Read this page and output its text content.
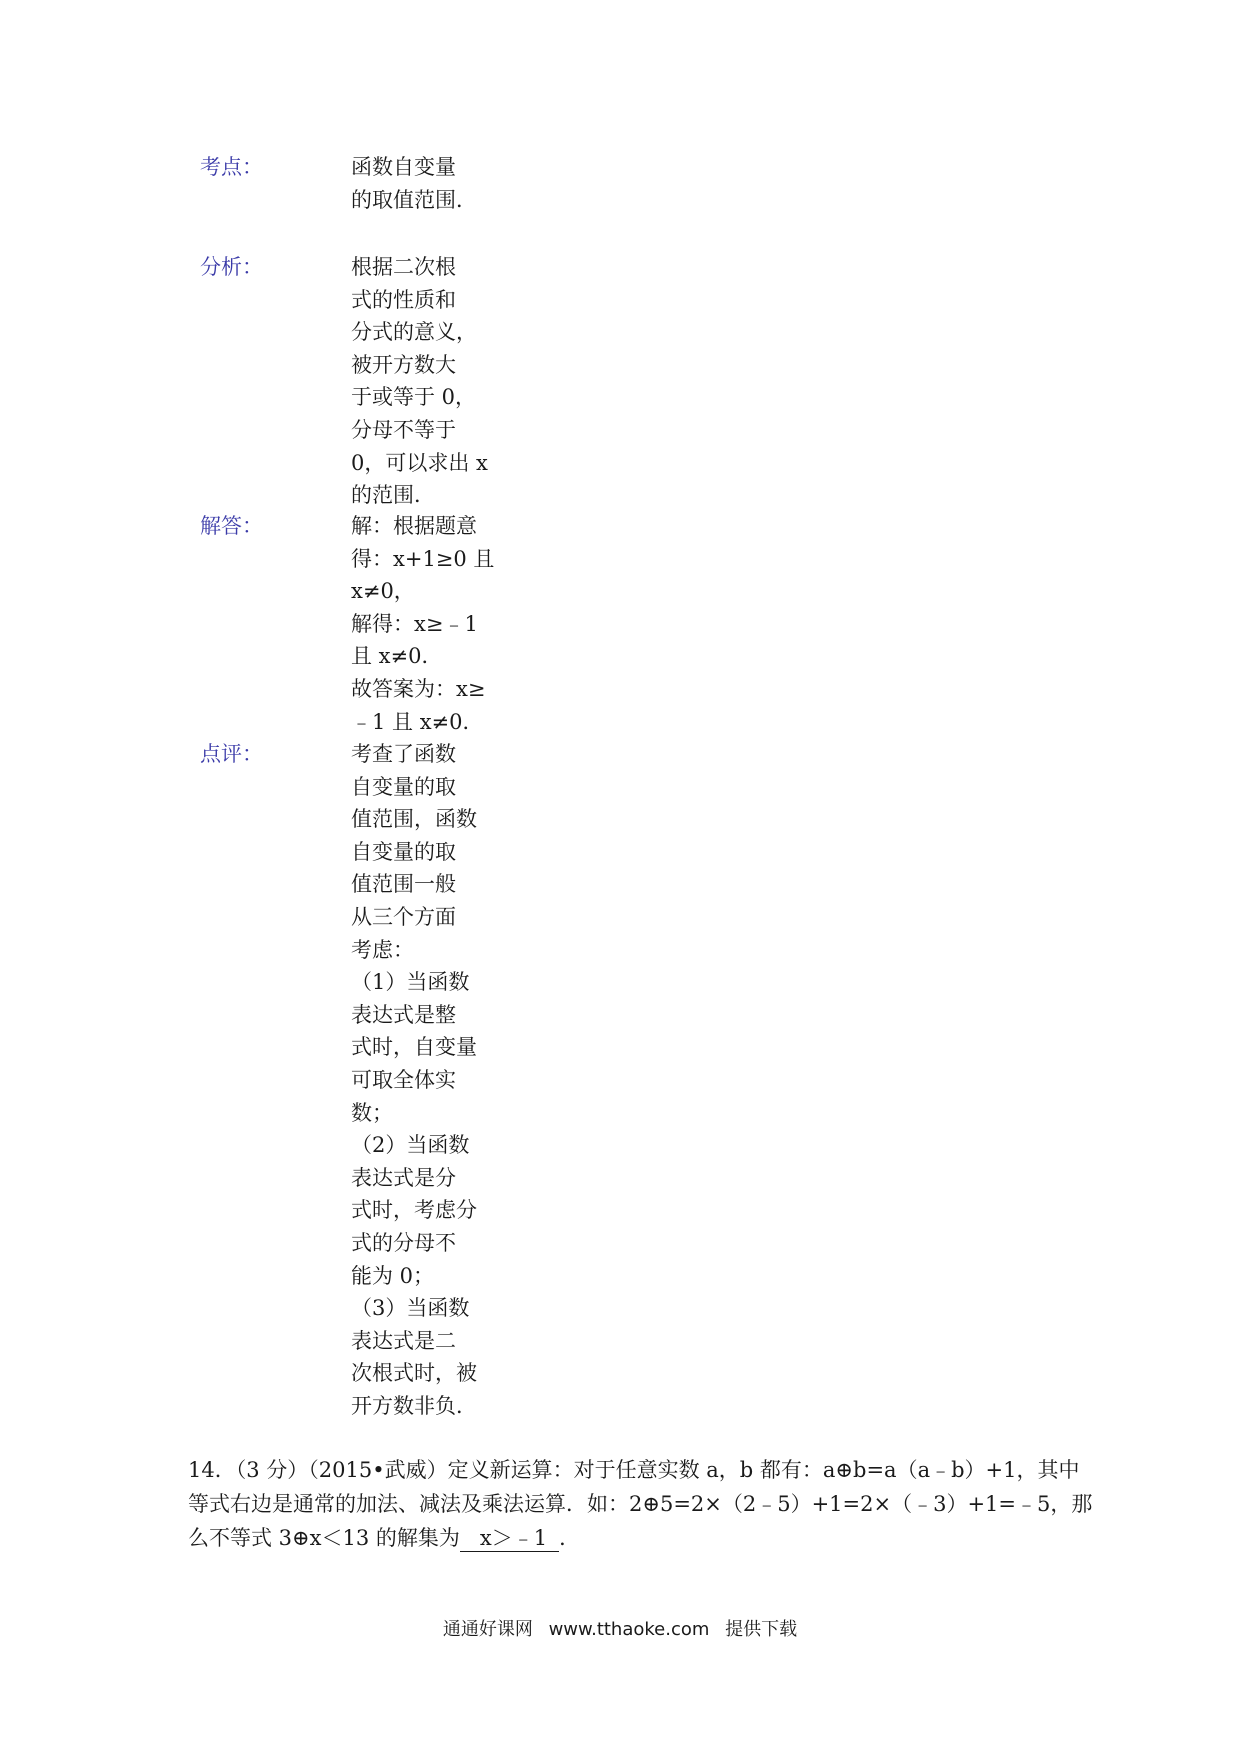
考点：	函数自变量
的取值范围．
分析：	根据二次根
式的性质和
分式的意义，
被开方数大
于或等于 0，
分母不等于
0，可以求出 x
的范围．
解答：	解：根据题意
得：x+1≥0 且
x≠0，
解得：x≥﹣1
且 x≠0．
故答案为：x≥
﹣1 且 x≠0．
点评：	考查了函数
自变量的取
值范围，函数
自变量的取
值范围一般
从三个方面
考虑：
（1）当函数
表达式是整
式时，自变量
可取全体实
数；
（2）当函数
表达式是分
式时，考虑分
式的分母不
能为 0；
（3）当函数
表达式是二
次根式时，被
开方数非负．
14．（3 分）（2015•武威）定义新运算：对于任意实数 a，b 都有：a⊕b=a（a﹣b）+1，其中
等式右边是通常的加法、减法及乘法运算．如：2⊕5=2×（2﹣5）+1=2×（﹣3）+1=﹣5，那
么不等式 3⊕x＜13 的解集为 x＞﹣1 ．
通通好课网 www.tthaoke.com 提供下载
